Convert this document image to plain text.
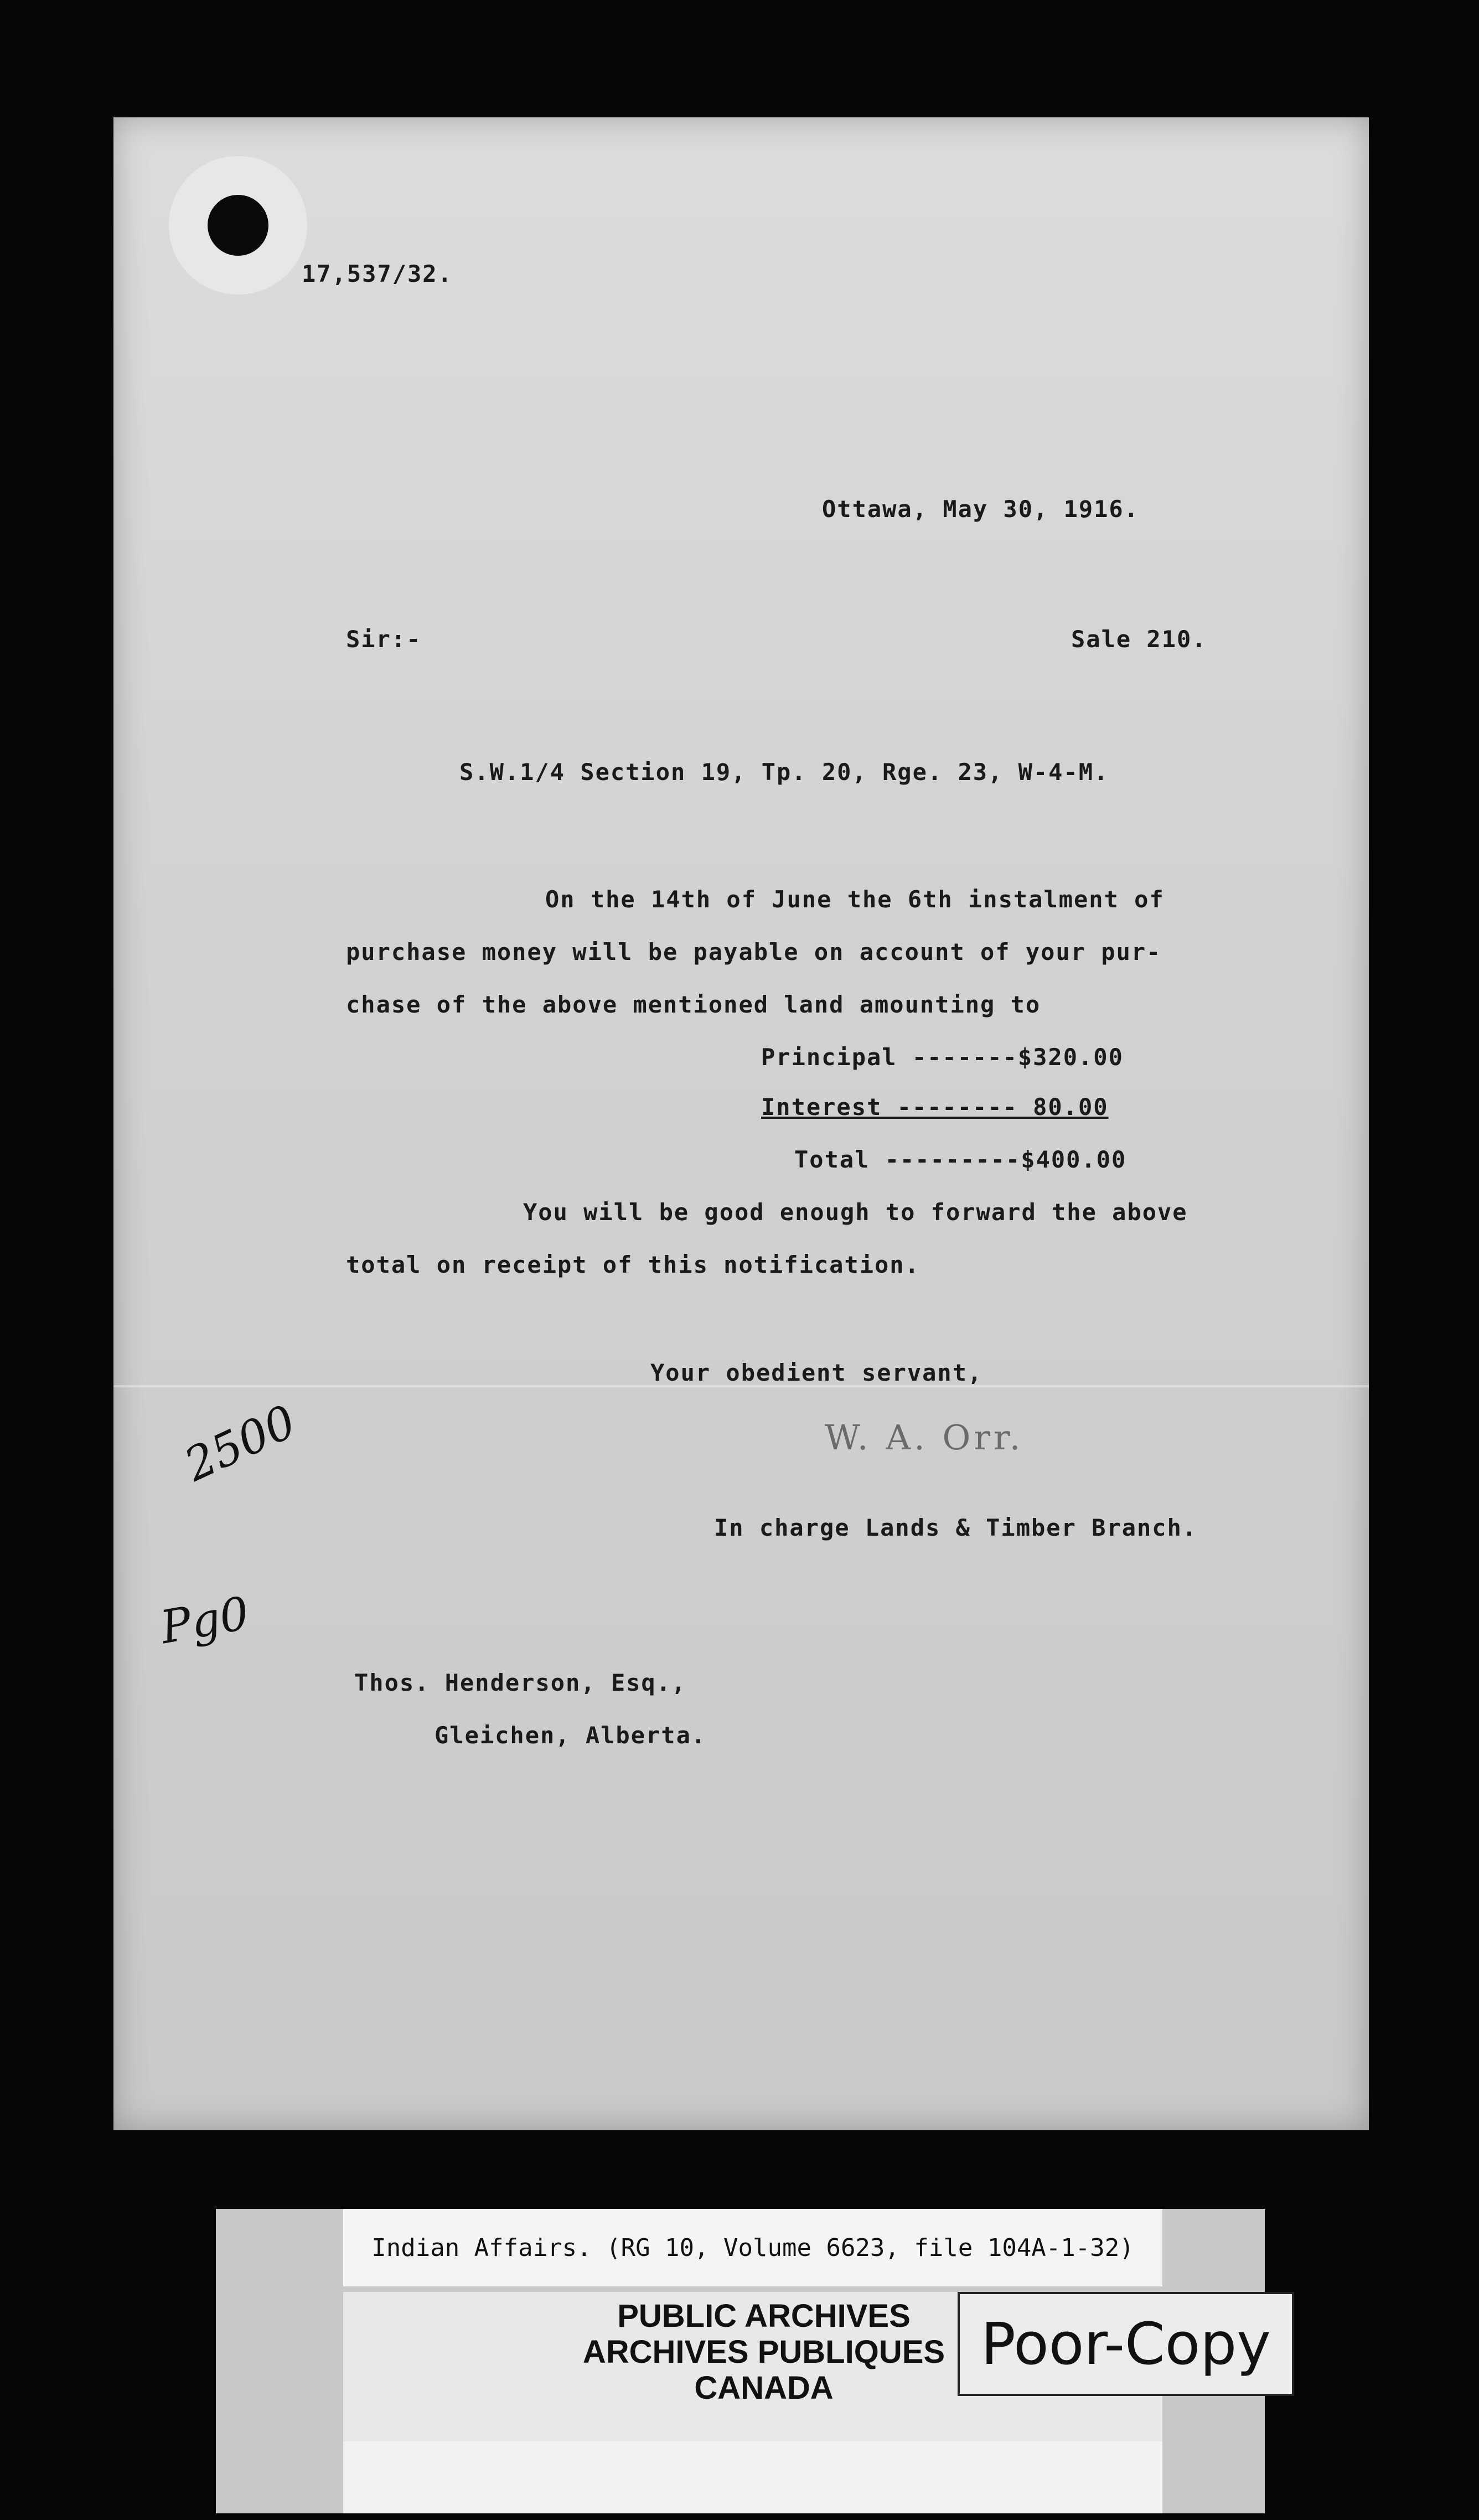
17,537/32.
Ottawa, May 30, 1916.
Sir:-	Sale 210.
S.W.1/4 Section 19, Tp. 20, Rge. 23, W-4-M.
On the 14th of June the 6th instalment of
purchase money will be payable on account of your pur-
chase of the above mentioned land amounting to
Principal -------$320.00
Interest -------- 80.00
Total ---------$400.00
You will be good enough to forward the above
total on receipt of this notification.
Your obedient servant,
W. A. Orr.
In charge Lands & Timber Branch.
Thos. Henderson, Esq.,
Gleichen, Alberta.
2500
Pg0
Indian Affairs. (RG 10, Volume 6623, file 104A-1-32)
PUBLIC ARCHIVES
ARCHIVES PUBLIQUES
CANADA
Poor-Copy
